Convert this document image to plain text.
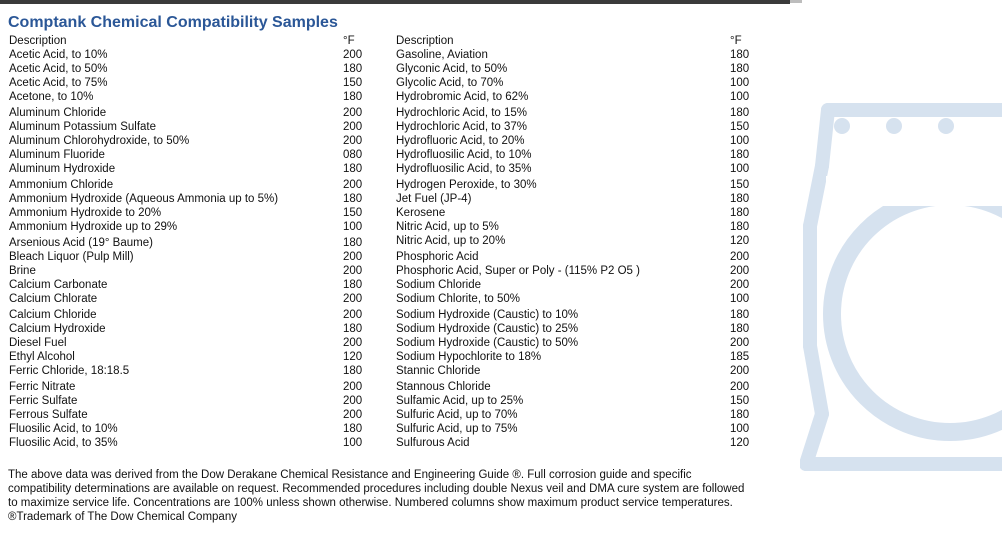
Comptank Chemical Compatibility Samples
Description	°F
Acetic Acid, to 10%	200
Acetic Acid, to 50%	180
Acetic Acid, to 75%	150
Acetone, to 10%	180
Aluminum Chloride	200
Aluminum Potassium Sulfate	200
Aluminum Chlorohydroxide, to 50%	200
Aluminum Fluoride	080
Aluminum Hydroxide	180
Ammonium Chloride	200
Ammonium Hydroxide (Aqueous Ammonia up to 5%)	180
Ammonium Hydroxide to 20%	150
Ammonium Hydroxide up to 29%	100
Arsenious Acid (19° Baume)	180
Bleach Liquor (Pulp Mill)	200
Brine	200
Calcium Carbonate	180
Calcium Chlorate	200
Calcium Chloride	200
Calcium Hydroxide	180
Diesel Fuel	200
Ethyl Alcohol	120
Ferric Chloride, 18:18.5	180
Ferric Nitrate	200
Ferric Sulfate	200
Ferrous Sulfate	200
Fluosilic Acid, to 10%	180
Fluosilic Acid, to 35%	100
Description	°F
Gasoline, Aviation	180
Glyconic Acid, to 50%	180
Glycolic Acid, to 70%	100
Hydrobromic Acid, to 62%	100
Hydrochloric Acid, to 15%	180
Hydrochloric Acid, to 37%	150
Hydrofluoric Acid, to 20%	100
Hydrofluosilic Acid, to 10%	180
Hydrofluosilic Acid, to 35%	100
Hydrogen Peroxide, to 30%	150
Jet Fuel (JP-4)	180
Kerosene	180
Nitric Acid, up to 5%	180
Nitric Acid, up to 20%	120
Phosphoric Acid	200
Phosphoric Acid, Super or Poly - (115% P2 O5 )	200
Sodium Chloride	200
Sodium Chlorite, to 50%	100
Sodium Hydroxide (Caustic) to 10%	180
Sodium Hydroxide (Caustic) to 25%	180
Sodium Hydroxide (Caustic) to 50%	200
Sodium Hypochlorite to 18%	185
Stannic Chloride	200
Stannous Chloride	200
Sulfamic Acid, up to 25%	150
Sulfuric Acid, up to 70%	180
Sulfuric Acid, up to 75%	100
Sulfurous Acid	120
The above data was derived from the Dow Derakane Chemical Resistance and Engineering Guide ®. Full corrosion guide and specific
compatibility determinations are available on request. Recommended procedures including double Nexus veil and DMA cure system are followed
to maximize service life. Concentrations are 100% unless shown otherwise. Numbered columns show maximum product service temperatures.
®Trademark of The Dow Chemical Company
